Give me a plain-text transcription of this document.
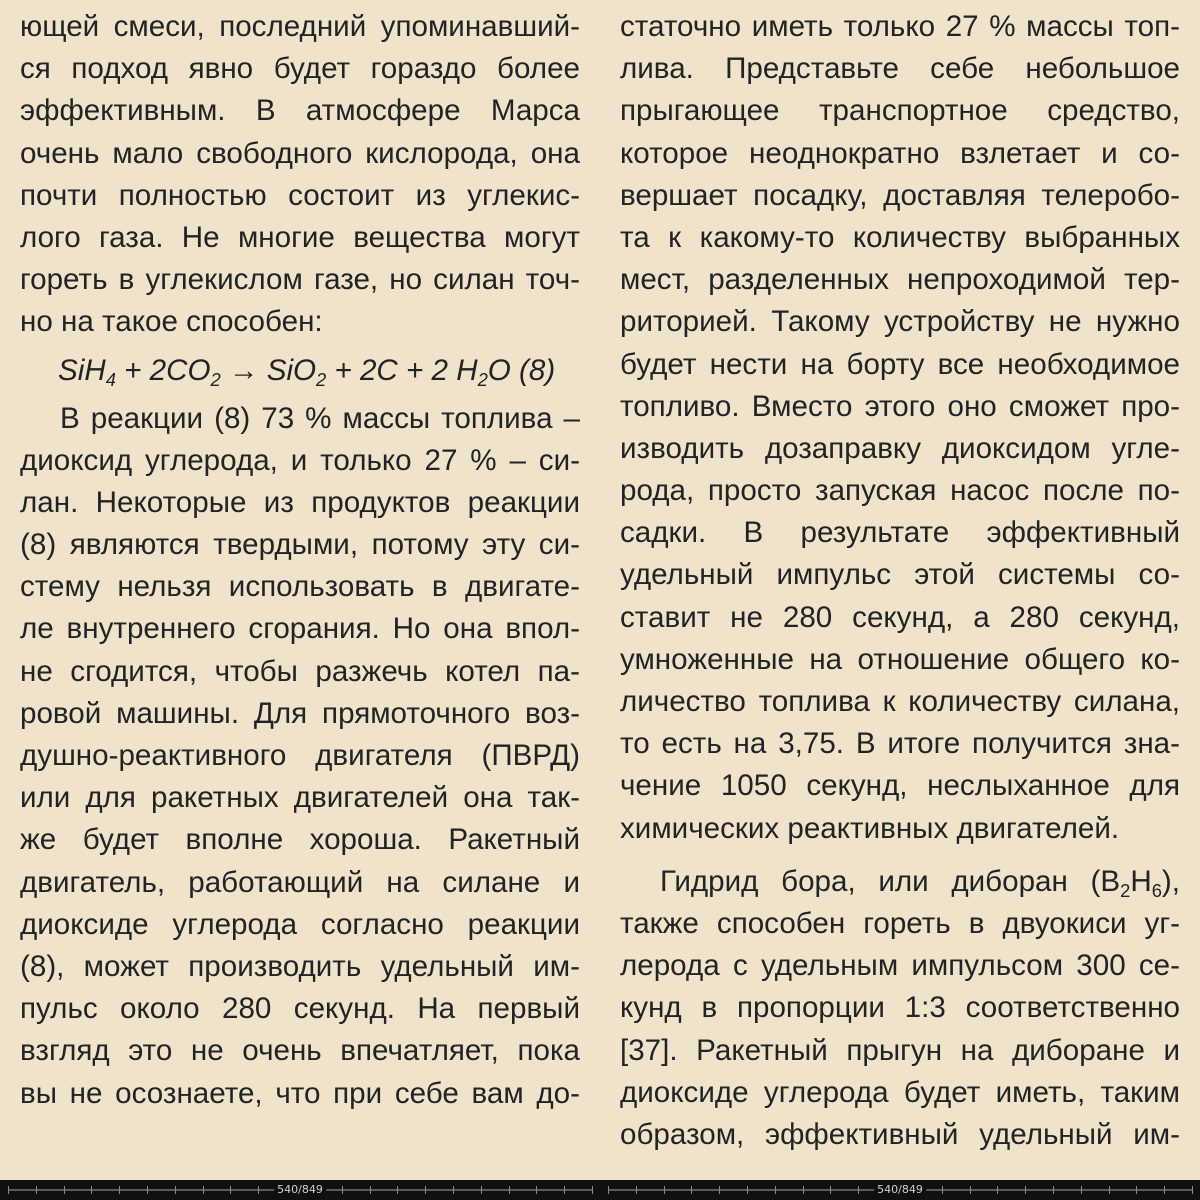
ющей смеси, последний упоминавший-
ся подход явно будет гораздо более
эффективным. В атмосфере Марса
очень мало свободного кислорода, она
почти полностью состоит из углекис-
лого газа. Не многие вещества могут
гореть в углекислом газе, но силан точ-
но на такое способен:
$SiH_4 + 2CO_2 \to SiO_2 + 2C + 2$ $H_2O$ (8)
В реакции (8) 73 % массы топлива –
диоксид углерода, и только 27 % – си-
лан. Некоторые из продуктов реакции
(8) являются твердыми, потому эту си-
стему нельзя использовать в двигате-
ле внутреннего сгорания. Но она впол-
не сгодится, чтобы разжечь котел па-
ровой машины. Для прямоточного воз-
душно-реактивного двигателя (ПВРД)
или для ракетных двигателей она так-
же будет вполне хороша. Ракетный
двигатель, работающий на силане и
диоксиде углерода согласно реакции
(8), может производить удельный им-
пульс около 280 секунд. На первый
взгляд это не очень впечатляет, пока
вы не осознаете, что при себе вам до-
статочно иметь только 27 % массы топ-
лива. Представьте себе небольшое
прыгающее транспортное средство,
которое неоднократно взлетает и со-
вершает посадку, доставляя телеробо-
та к какому-то количеству выбранных
мест, разделенных непроходимой тер-
риторией. Такому устройству не нужно
будет нести на борту все необходимое
топливо. Вместо этого оно сможет про-
изводить дозаправку диоксидом угле-
рода, просто запуская насос после по-
садки. В результате эффективный
удельный импульс этой системы со-
ставит не 280 секунд, а 280 секунд,
умноженные на отношение общего ко-
личество топлива к количеству силана,
то есть на 3,75. В итоге получится зна-
чение 1050 секунд, неслыханное для
химических реактивных двигателей.
Гидрид бора, или диборан $(B_2H_6)$,
также способен гореть в двуокиси уг-
лерода с удельным импульсом 300 се-
кунд в пропорции 1:3 соответственно
[37]. Ракетный прыгун на диборане и
диоксиде углерода будет иметь, таким
образом, эффективный удельный им-
540/849	540/849
